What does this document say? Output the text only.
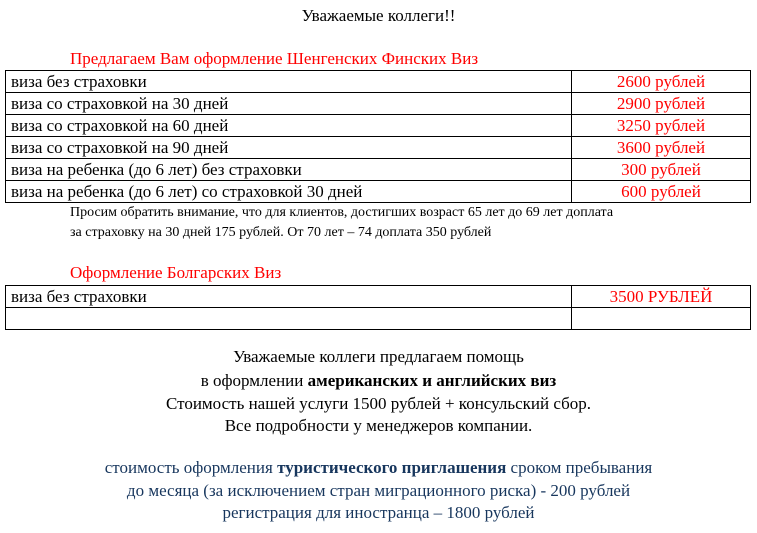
Уважаемые коллеги!!
Предлагаем Вам оформление Шенгенских Финских Виз
виза без страховки	2600 рублей
виза со страховкой на 30 дней	2900 рублей
виза со страховкой на 60 дней	3250 рублей
виза со страховкой на 90 дней	3600 рублей
виза на ребенка (до 6 лет) без страховки	300 рублей
виза на ребенка (до 6 лет) со страховкой 30 дней	600 рублей
Просим обратить внимание, что для клиентов, достигших возраст 65 лет до 69 лет доплата
за страховку на 30 дней 175 рублей. От 70 лет – 74 доплата 350 рублей
Оформление Болгарских Виз
виза без страховки	3500 РУБЛЕЙ

Уважаемые коллеги предлагаем помощь
в оформлении американских и английских виз
Стоимость нашей услуги 1500 рублей + консульский сбор.
Все подробности у менеджеров компании.
стоимость оформления туристического приглашения сроком пребывания
до месяца (за исключением стран миграционного риска) - 200 рублей
регистрация для иностранца – 1800 рублей
